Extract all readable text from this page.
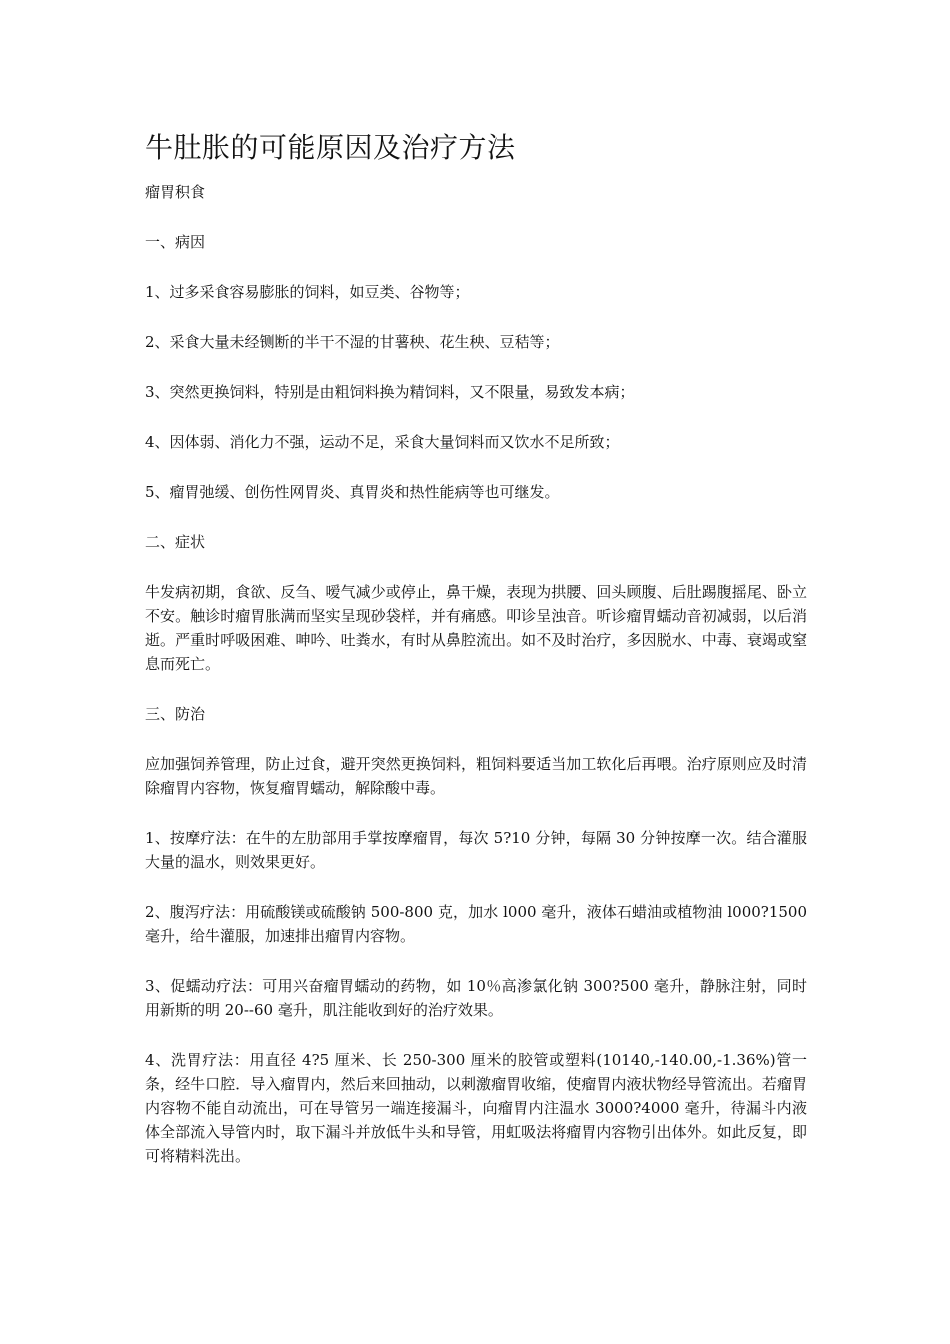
牛肚胀的可能原因及治疗方法

瘤胃积食

一、病因

1、过多采食容易膨胀的饲料，如豆类、谷物等；

2、采食大量未经铡断的半干不湿的甘薯秧、花生秧、豆秸等；

3、突然更换饲料，特别是由粗饲料换为精饲料，又不限量，易致发本病；

4、因体弱、消化力不强，运动不足，采食大量饲料而又饮水不足所致；

5、瘤胃弛缓、创伤性网胃炎、真胃炎和热性能病等也可继发。

二、症状

牛发病初期，食欲、反刍、嗳气减少或停止，鼻干燥，表现为拱腰、回头顾腹、后肚踢腹摇尾、卧立不安。触诊时瘤胃胀满而坚实呈现砂袋样，并有痛感。叩诊呈浊音。听诊瘤胃蠕动音初减弱，以后消逝。严重时呼吸困难、呻吟、吐粪水，有时从鼻腔流出。如不及时治疗，多因脱水、中毒、衰竭或窒息而死亡。

三、防治

应加强饲养管理，防止过食，避开突然更换饲料，粗饲料要适当加工软化后再喂。治疗原则应及时清除瘤胃内容物，恢复瘤胃蠕动，解除酸中毒。

1、按摩疗法：在牛的左肋部用手掌按摩瘤胃，每次 5?10 分钟，每隔 30 分钟按摩一次。结合灌服大量的温水，则效果更好。

2、腹泻疗法：用硫酸镁或硫酸钠 500-800 克，加水 l000 毫升，液体石蜡油或植物油 l000?1500 毫升，给牛灌服，加速排出瘤胃内容物。

3、促蠕动疗法：可用兴奋瘤胃蠕动的药物，如 10％高渗氯化钠 300?500 毫升，静脉注射，同时用新斯的明 20--60 毫升，肌注能收到好的治疗效果。

4、洗胃疗法：用直径 4?5 厘米、长 250-300 厘米的胶管或塑料(10140,-140.00,-1.36%)管一条，经牛口腔．导入瘤胃内，然后来回抽动，以刺激瘤胃收缩，使瘤胃内液状物经导管流出。若瘤胃内容物不能自动流出，可在导管另一端连接漏斗，向瘤胃内注温水 3000?4000 毫升，待漏斗内液体全部流入导管内时，取下漏斗并放低牛头和导管，用虹吸法将瘤胃内容物引出体外。如此反复，即可将精料洗出。
